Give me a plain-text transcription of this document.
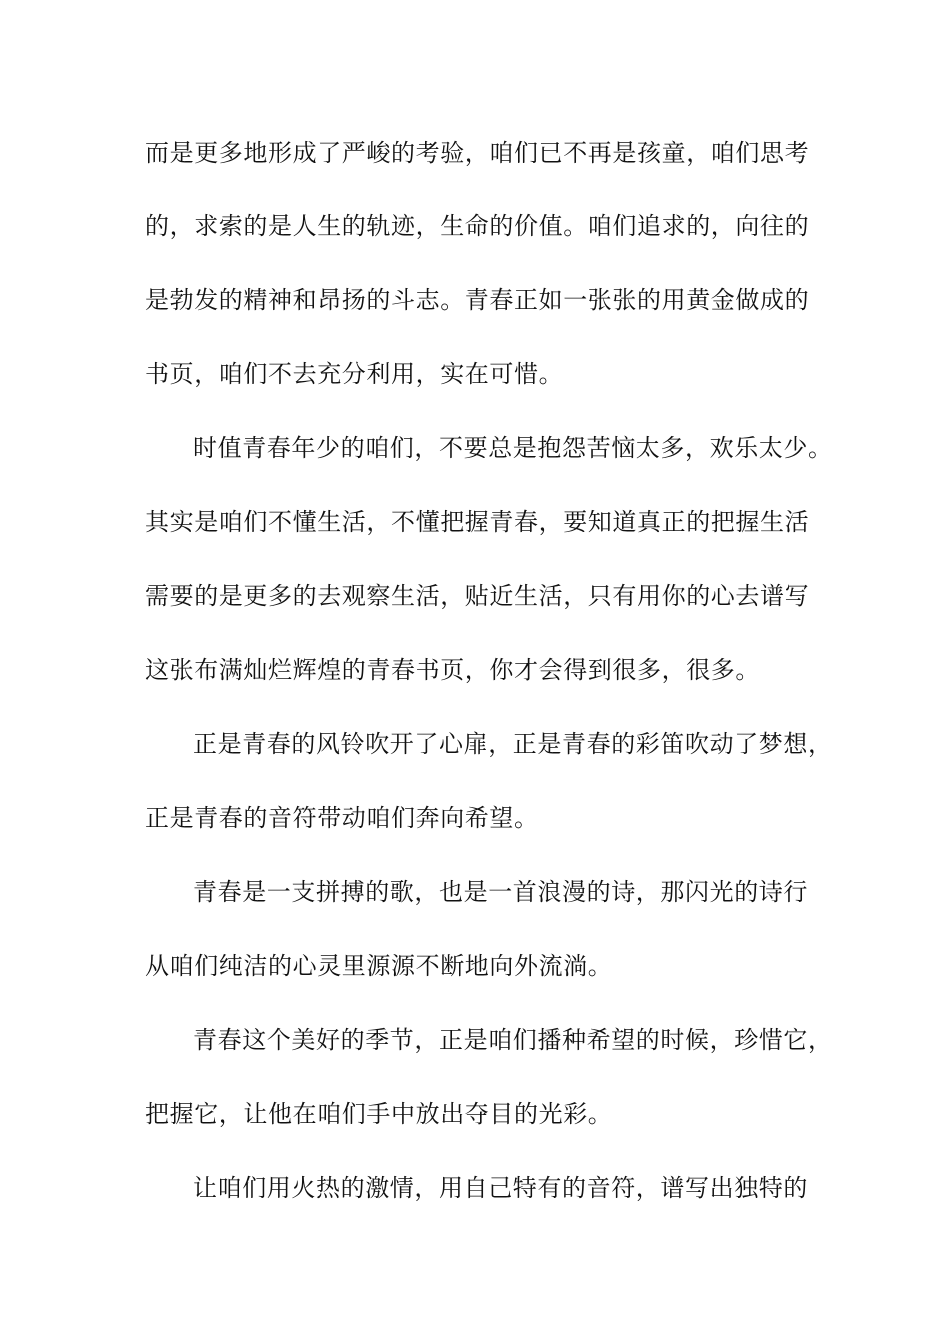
而是更多地形成了严峻的考验，咱们已不再是孩童，咱们思考
的，求索的是人生的轨迹，生命的价值。咱们追求的，向往的
是勃发的精神和昂扬的斗志。青春正如一张张的用黄金做成的
书页，咱们不去充分利用，实在可惜。
时值青春年少的咱们，不要总是抱怨苦恼太多，欢乐太少。
其实是咱们不懂生活，不懂把握青春，要知道真正的把握生活
需要的是更多的去观察生活，贴近生活，只有用你的心去谱写
这张布满灿烂辉煌的青春书页，你才会得到很多，很多。
正是青春的风铃吹开了心扉，正是青春的彩笛吹动了梦想，
正是青春的音符带动咱们奔向希望。
青春是一支拼搏的歌，也是一首浪漫的诗，那闪光的诗行
从咱们纯洁的心灵里源源不断地向外流淌。
青春这个美好的季节，正是咱们播种希望的时候，珍惜它，
把握它，让他在咱们手中放出夺目的光彩。
让咱们用火热的激情，用自己特有的音符，谱写出独特的
